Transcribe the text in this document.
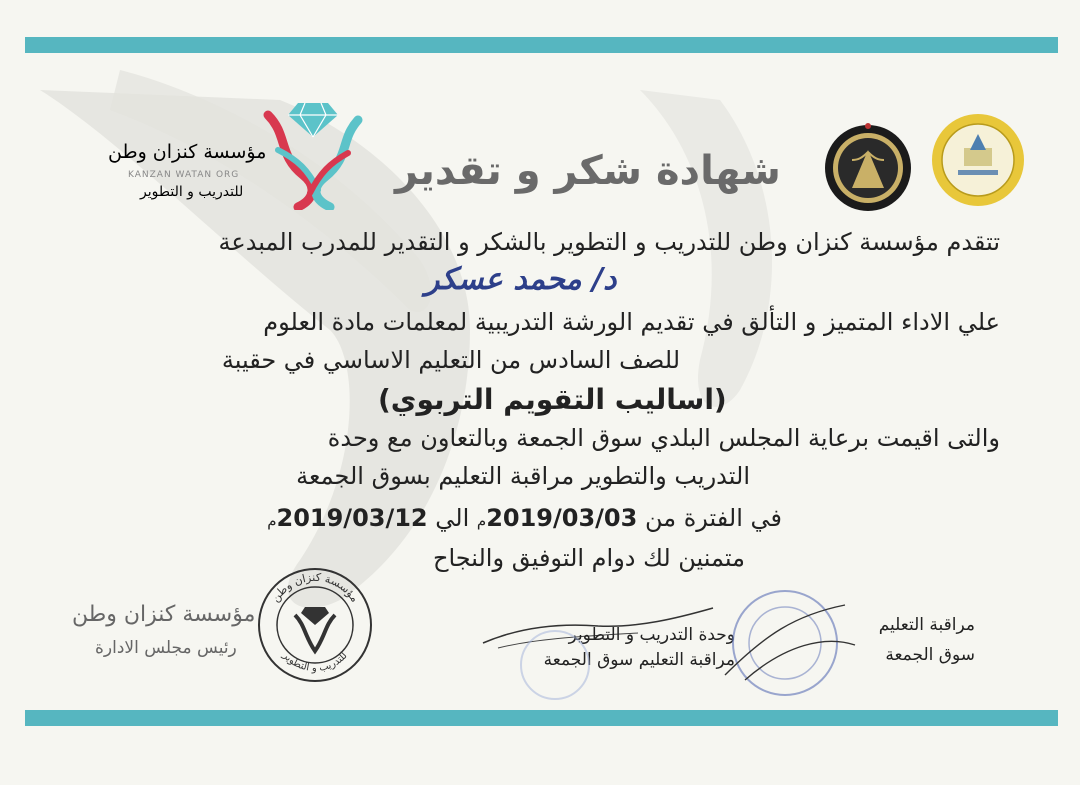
مؤسسة كنزان وطن
KANZAN WATAN ORG
للتدريب و التطوير	شهادة شكر و تقدير
تتقدم مؤسسة كنزان وطن للتدريب و التطوير بالشكر و التقدير للمدرب المبدعة
د/ محمد عسكر
علي الاداء المتميز و التألق في تقديم الورشة التدريبية لمعلمات مادة العلوم
للصف السادس من التعليم الاساسي في حقيبة
(اساليب التقويم التربوي)
والتى اقيمت برعاية المجلس البلدي سوق الجمعة وبالتعاون مع وحدة
التدريب والتطوير مراقبة التعليم بسوق الجمعة
في الفترة من 2019/03/03م الي 2019/03/12م
متمنين لك دوام التوفيق والنجاح
مؤسسة كنزان وطن
رئيس مجلس الادارة
مؤسسة كنزان وطن
للتدريب و التطوير
وحدة التدريب و التطوير
مراقبة التعليم سوق الجمعة
مراقبة التعليم
سوق الجمعة
